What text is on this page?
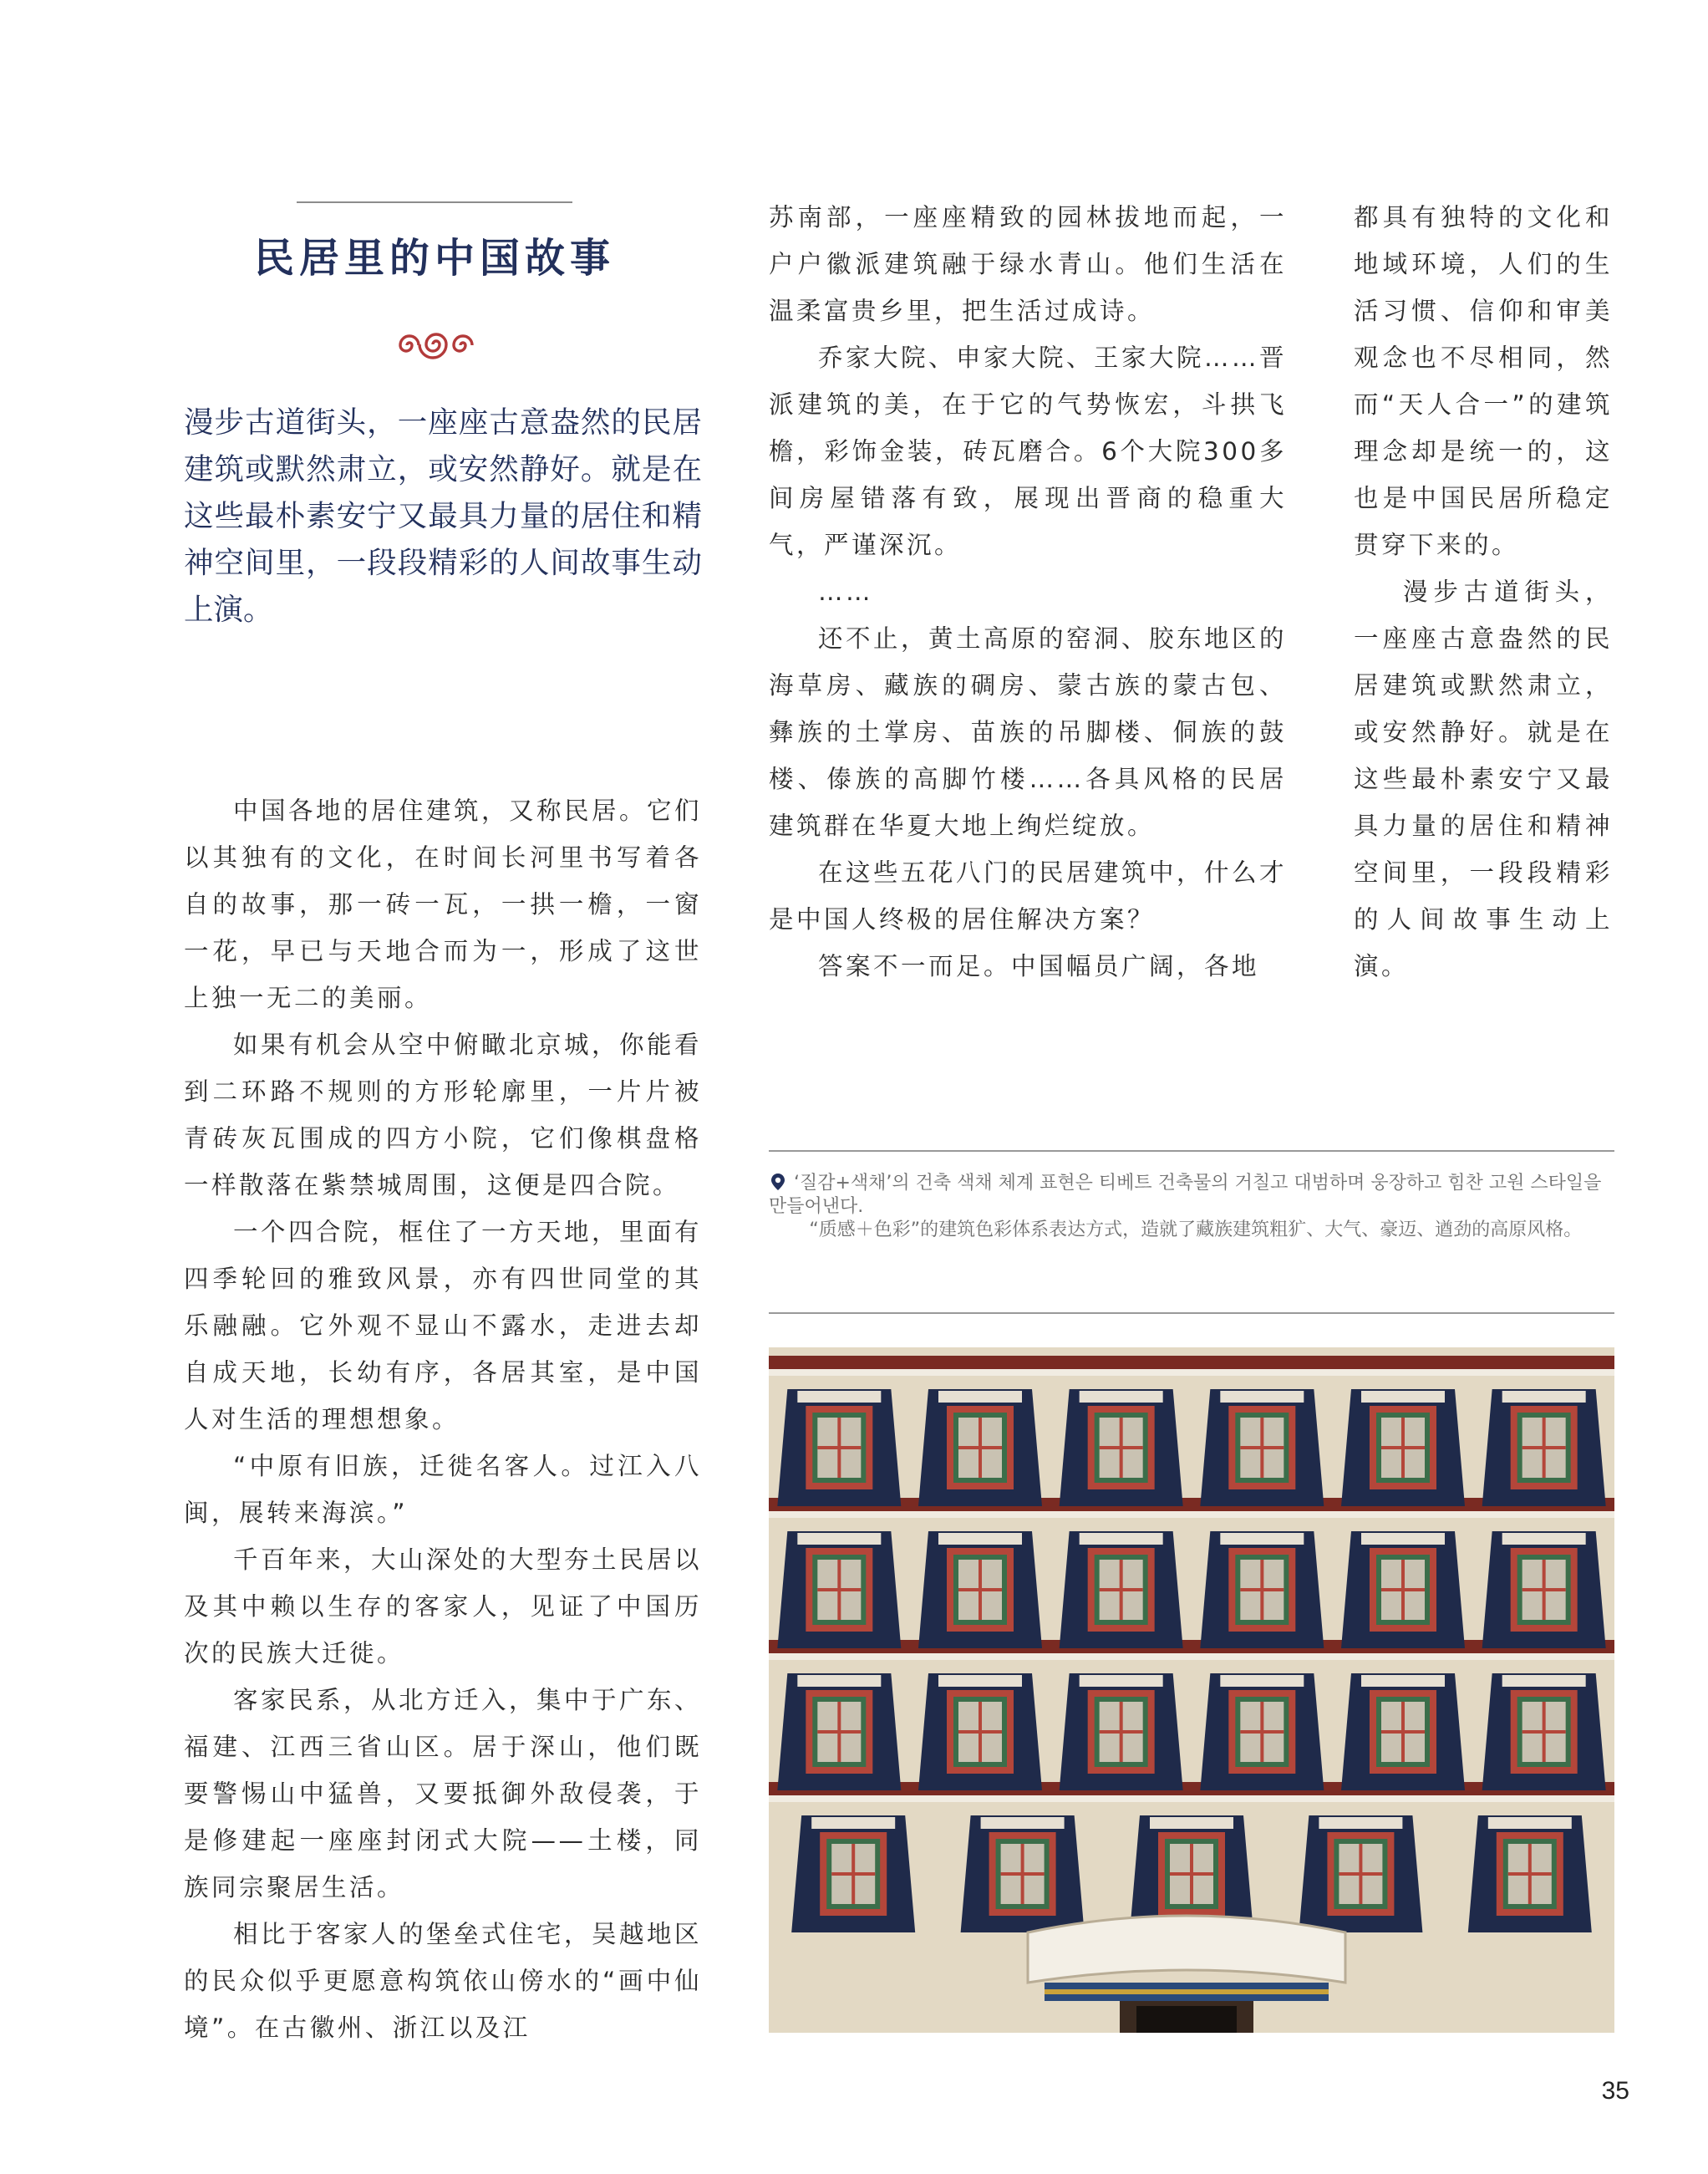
民居里的中国故事

漫步古道街头，一座座古意盎然的民居建筑或默然肃立，或安然静好。就是在这些最朴素安宁又最具力量的居住和精神空间里，一段段精彩的人间故事生动上演。

中国各地的居住建筑，又称民居。它们以其独有的文化，在时间长河里书写着各自的故事，那一砖一瓦，一拱一檐，一窗一花，早已与天地合而为一，形成了这世上独一无二的美丽。

如果有机会从空中俯瞰北京城，你能看到二环路不规则的方形轮廓里，一片片被青砖灰瓦围成的四方小院，它们像棋盘格一样散落在紫禁城周围，这便是四合院。

一个四合院，框住了一方天地，里面有四季轮回的雅致风景，亦有四世同堂的其乐融融。它外观不显山不露水，走进去却自成天地，长幼有序，各居其室，是中国人对生活的理想想象。

“中原有旧族，迁徙名客人。过江入八闽，展转来海滨。”

千百年来，大山深处的大型夯土民居以及其中赖以生存的客家人，见证了中国历次的民族大迁徙。

客家民系，从北方迁入，集中于广东、福建、江西三省山区。居于深山，他们既要警惕山中猛兽，又要抵御外敌侵袭，于是修建起一座座封闭式大院——土楼，同族同宗聚居生活。

相比于客家人的堡垒式住宅，吴越地区的民众似乎更愿意构筑依山傍水的“画中仙境”。在古徽州、浙江以及江

苏南部，一座座精致的园林拔地而起，一户户徽派建筑融于绿水青山。他们生活在温柔富贵乡里，把生活过成诗。

乔家大院、申家大院、王家大院……晋派建筑的美，在于它的气势恢宏，斗拱飞檐，彩饰金装，砖瓦磨合。6个大院300多间房屋错落有致，展现出晋商的稳重大气，严谨深沉。

……

还不止，黄土高原的窑洞、胶东地区的海草房、藏族的碉房、蒙古族的蒙古包、彝族的土掌房、苗族的吊脚楼、侗族的鼓楼、傣族的高脚竹楼……各具风格的民居建筑群在华夏大地上绚烂绽放。

在这些五花八门的民居建筑中，什么才是中国人终极的居住解决方案？

答案不一而足。中国幅员广阔，各地

都具有独特的文化和地域环境，人们的生活习惯、信仰和审美观念也不尽相同，然而“天人合一”的建筑理念却是统一的，这也是中国民居所稳定贯穿下来的。

漫步古道街头，一座座古意盎然的民居建筑或默然肃立，或安然静好。就是在这些最朴素安宁又最具力量的居住和精神空间里，一段段精彩的人间故事生动上演。

‘질감+색채’의 건축 색채 체계 표현은 티베트 건축물의 거칠고 대범하며 웅장하고 힘찬 고원 스타일을 만들어낸다.

“质感＋色彩”的建筑色彩体系表达方式，造就了藏族建筑粗犷、大气、豪迈、遒劲的高原风格。

35
